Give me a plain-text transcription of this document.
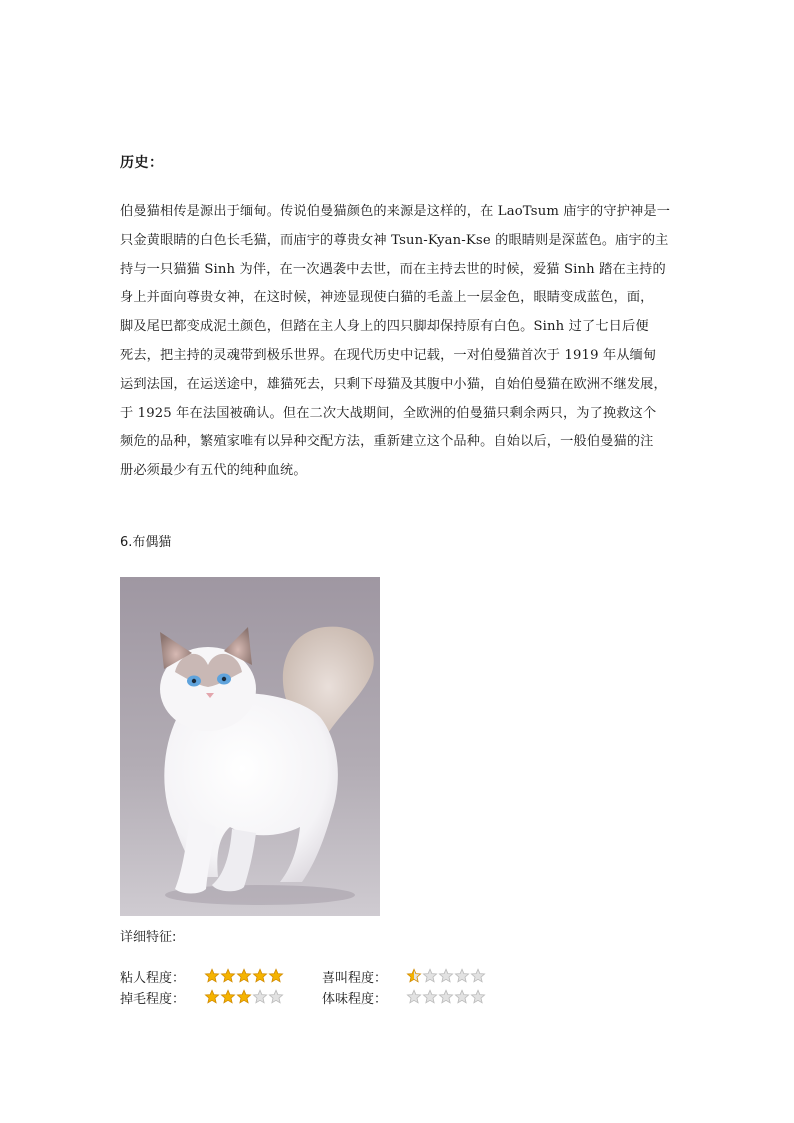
历史：
伯曼猫相传是源出于缅甸。传说伯曼猫颜色的来源是这样的，在 LaoTsum 庙宇的守护神是一
只金黄眼睛的白色长毛猫，而庙宇的尊贵女神 Tsun-Kyan-Kse 的眼睛则是深蓝色。庙宇的主
持与一只猫猫 Sinh 为伴，在一次遇袭中去世，而在主持去世的时候，爱猫 Sinh 踏在主持的
身上并面向尊贵女神，在这时候，神迹显现使白猫的毛盖上一层金色，眼睛变成蓝色，面，
脚及尾巴都变成泥土颜色，但踏在主人身上的四只脚却保持原有白色。Sinh 过了七日后便
死去，把主持的灵魂带到极乐世界。在现代历史中记载，一对伯曼猫首次于 1919 年从缅甸
运到法国，在运送途中，雄猫死去，只剩下母猫及其腹中小猫，自始伯曼猫在欧洲不继发展，
于 1925 年在法国被确认。但在二次大战期间，全欧洲的伯曼猫只剩余两只，为了挽救这个
频危的品种，繁殖家唯有以异种交配方法，重新建立这个品种。自始以后，一般伯曼猫的注
册必须最少有五代的纯种血统。
6.布偶猫
详细特征:
粘人程度：	喜叫程度：
掉毛程度：	体味程度：
